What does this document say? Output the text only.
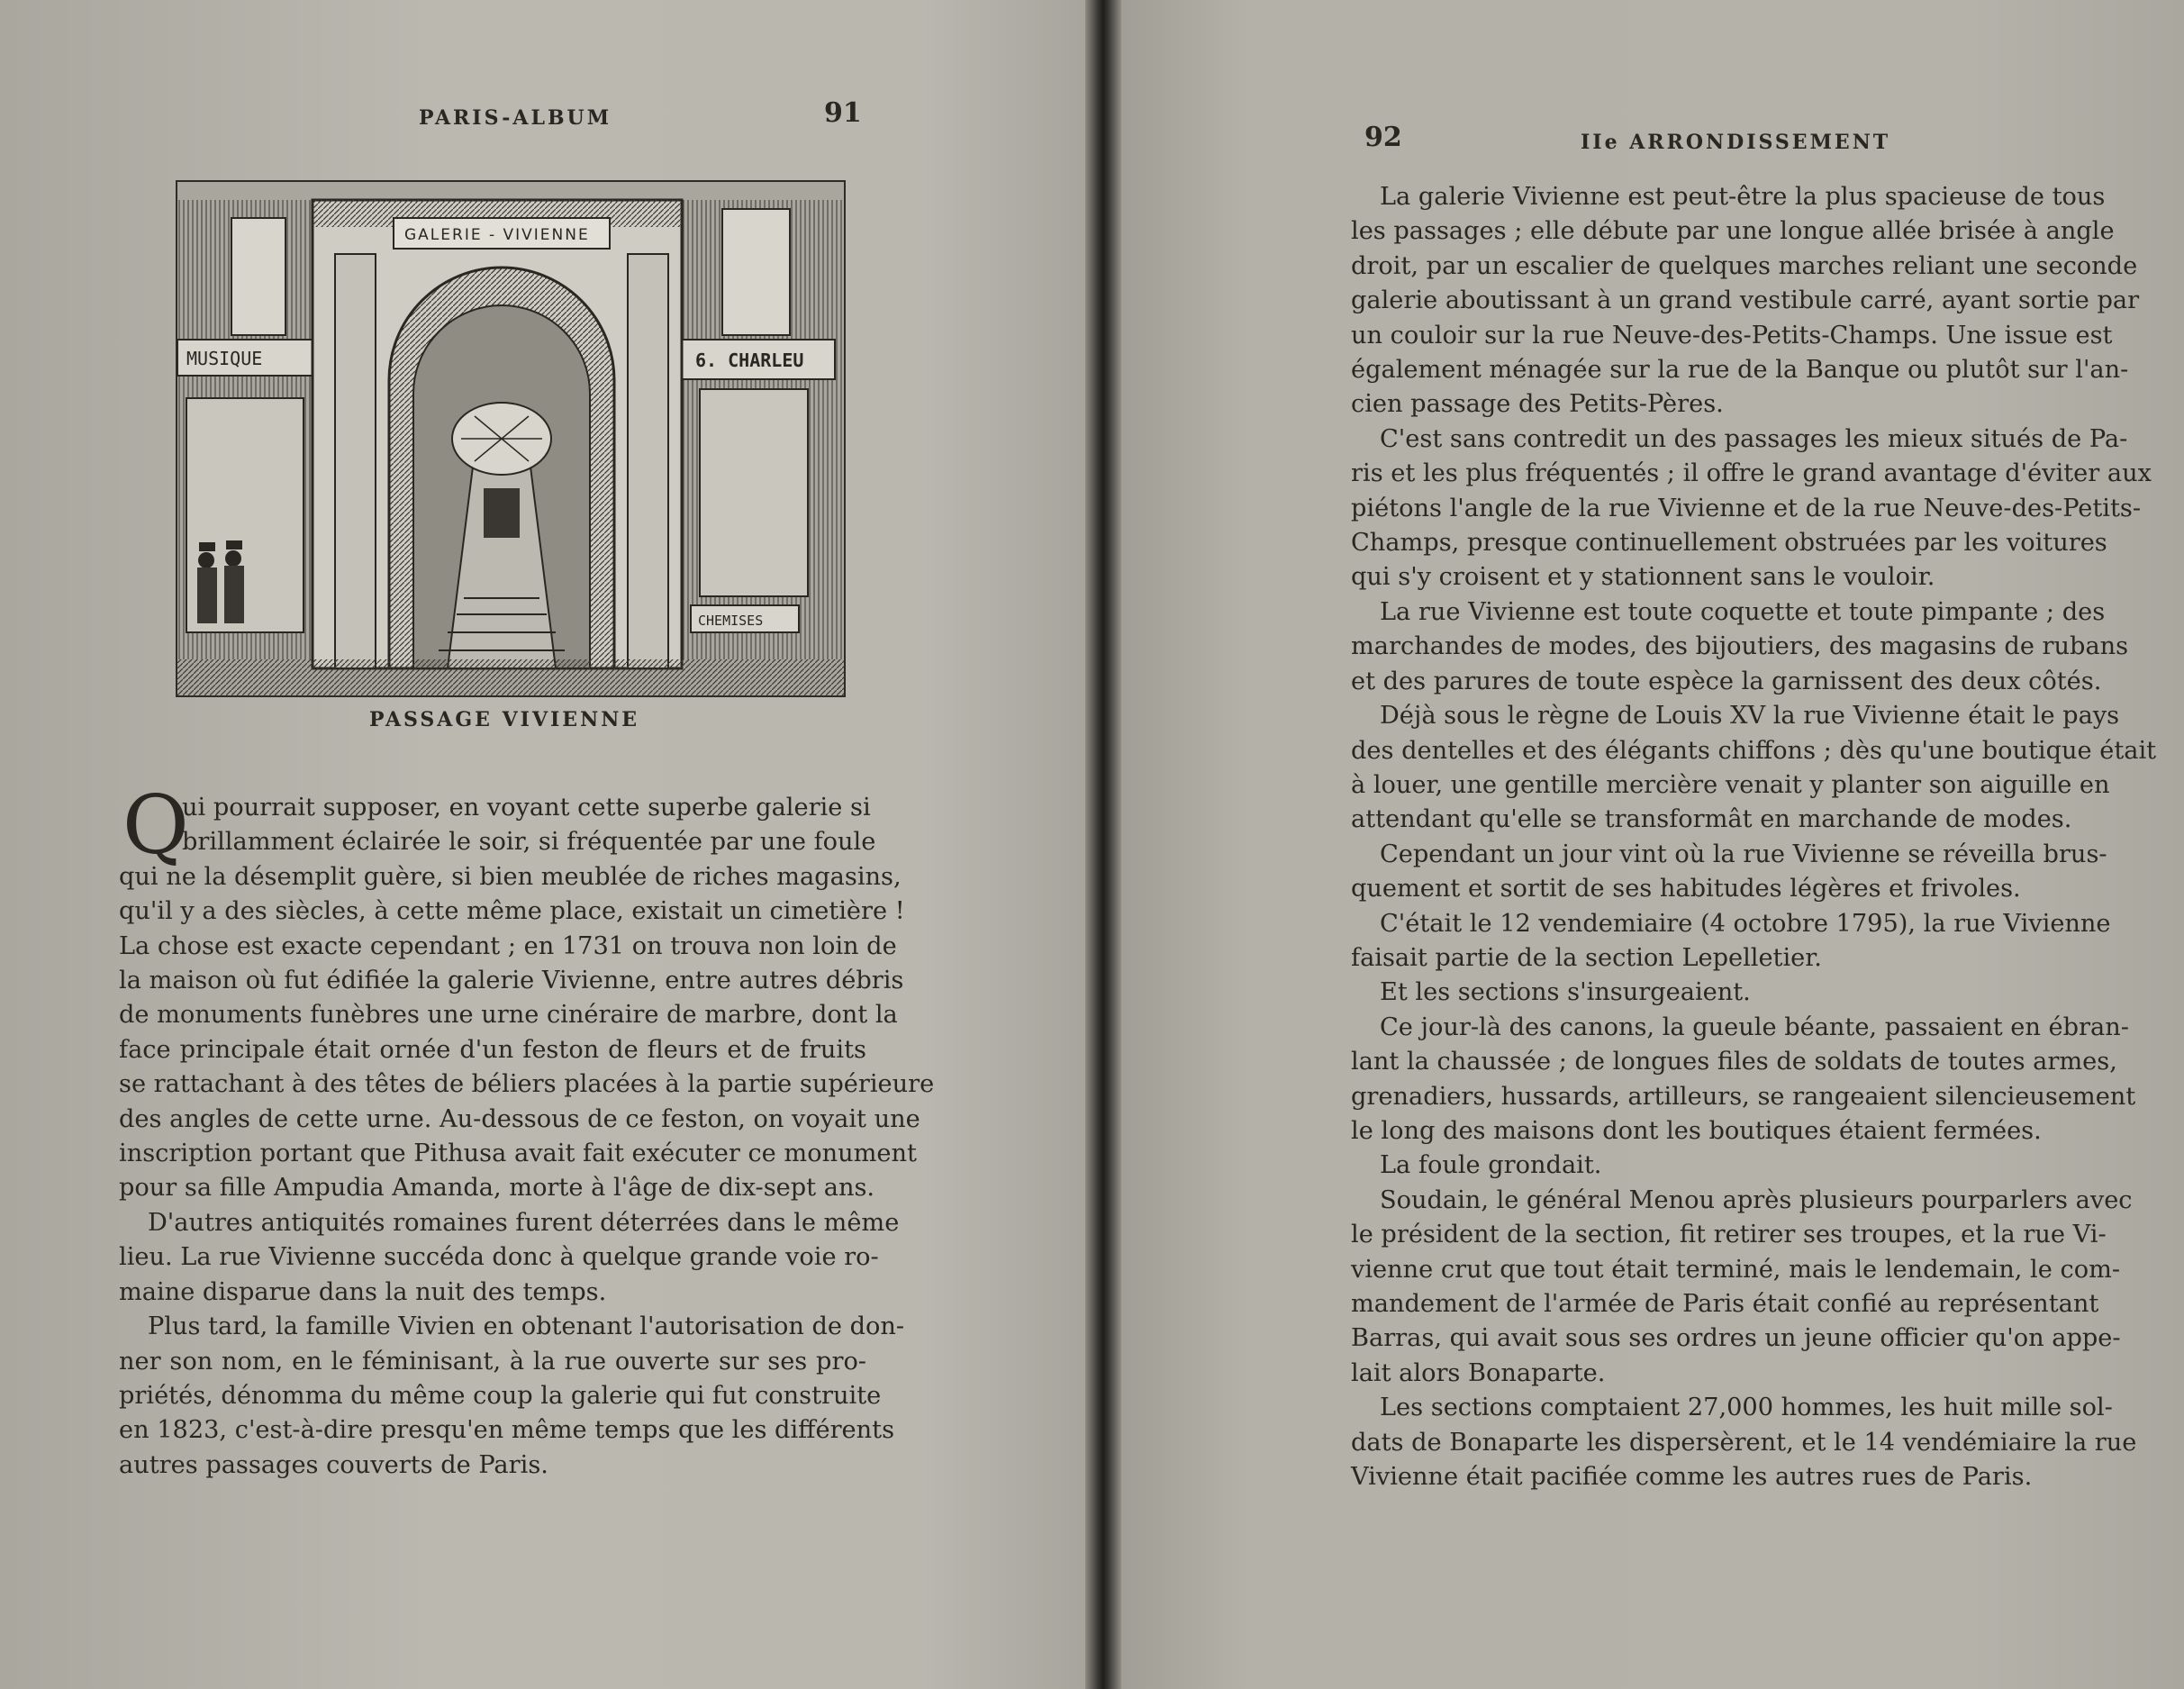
PARIS-ALBUM	91
MUSIQUE	6. CHARLEU
CHEMISES
GALERIE - VIVIENNE
PASSAGE VIVIENNE
Q
ui pourrait supposer, en voyant cette superbe galerie si
brillamment éclairée le soir, si fréquentée par une foule
qui ne la désemplit guère, si bien meublée de riches magasins,
qu'il y a des siècles, à cette même place, existait un cimetière !
La chose est exacte cependant ; en 1731 on trouva non loin de
la maison où fut édifiée la galerie Vivienne, entre autres débris
de monuments funèbres une urne cinéraire de marbre, dont la
face principale était ornée d'un feston de fleurs et de fruits
se rattachant à des têtes de béliers placées à la partie supérieure
des angles de cette urne. Au-dessous de ce feston, on voyait une
inscription portant que Pithusa avait fait exécuter ce monument
pour sa fille Ampudia Amanda, morte à l'âge de dix-sept ans.
D'autres antiquités romaines furent déterrées dans le même
lieu. La rue Vivienne succéda donc à quelque grande voie ro-
maine disparue dans la nuit des temps.
Plus tard, la famille Vivien en obtenant l'autorisation de don-
ner son nom, en le féminisant, à la rue ouverte sur ses pro-
priétés, dénomma du même coup la galerie qui fut construite
en 1823, c'est-à-dire presqu'en même temps que les différents
autres passages couverts de Paris.
92	IIe ARRONDISSEMENT
La galerie Vivienne est peut-être la plus spacieuse de tous
les passages ; elle débute par une longue allée brisée à angle
droit, par un escalier de quelques marches reliant une seconde
galerie aboutissant à un grand vestibule carré, ayant sortie par
un couloir sur la rue Neuve-des-Petits-Champs. Une issue est
également ménagée sur la rue de la Banque ou plutôt sur l'an-
cien passage des Petits-Pères.
C'est sans contredit un des passages les mieux situés de Pa-
ris et les plus fréquentés ; il offre le grand avantage d'éviter aux
piétons l'angle de la rue Vivienne et de la rue Neuve-des-Petits-
Champs, presque continuellement obstruées par les voitures
qui s'y croisent et y stationnent sans le vouloir.
La rue Vivienne est toute coquette et toute pimpante ; des
marchandes de modes, des bijoutiers, des magasins de rubans
et des parures de toute espèce la garnissent des deux côtés.
Déjà sous le règne de Louis XV la rue Vivienne était le pays
des dentelles et des élégants chiffons ; dès qu'une boutique était
à louer, une gentille mercière venait y planter son aiguille en
attendant qu'elle se transformât en marchande de modes.
Cependant un jour vint où la rue Vivienne se réveilla brus-
quement et sortit de ses habitudes légères et frivoles.
C'était le 12 vendemiaire (4 octobre 1795), la rue Vivienne
faisait partie de la section Lepelletier.
Et les sections s'insurgeaient.
Ce jour-là des canons, la gueule béante, passaient en ébran-
lant la chaussée ; de longues files de soldats de toutes armes,
grenadiers, hussards, artilleurs, se rangeaient silencieusement
le long des maisons dont les boutiques étaient fermées.
La foule grondait.
Soudain, le général Menou après plusieurs pourparlers avec
le président de la section, fit retirer ses troupes, et la rue Vi-
vienne crut que tout était terminé, mais le lendemain, le com-
mandement de l'armée de Paris était confié au représentant
Barras, qui avait sous ses ordres un jeune officier qu'on appe-
lait alors Bonaparte.
Les sections comptaient 27,000 hommes, les huit mille sol-
dats de Bonaparte les dispersèrent, et le 14 vendémiaire la rue
Vivienne était pacifiée comme les autres rues de Paris.
